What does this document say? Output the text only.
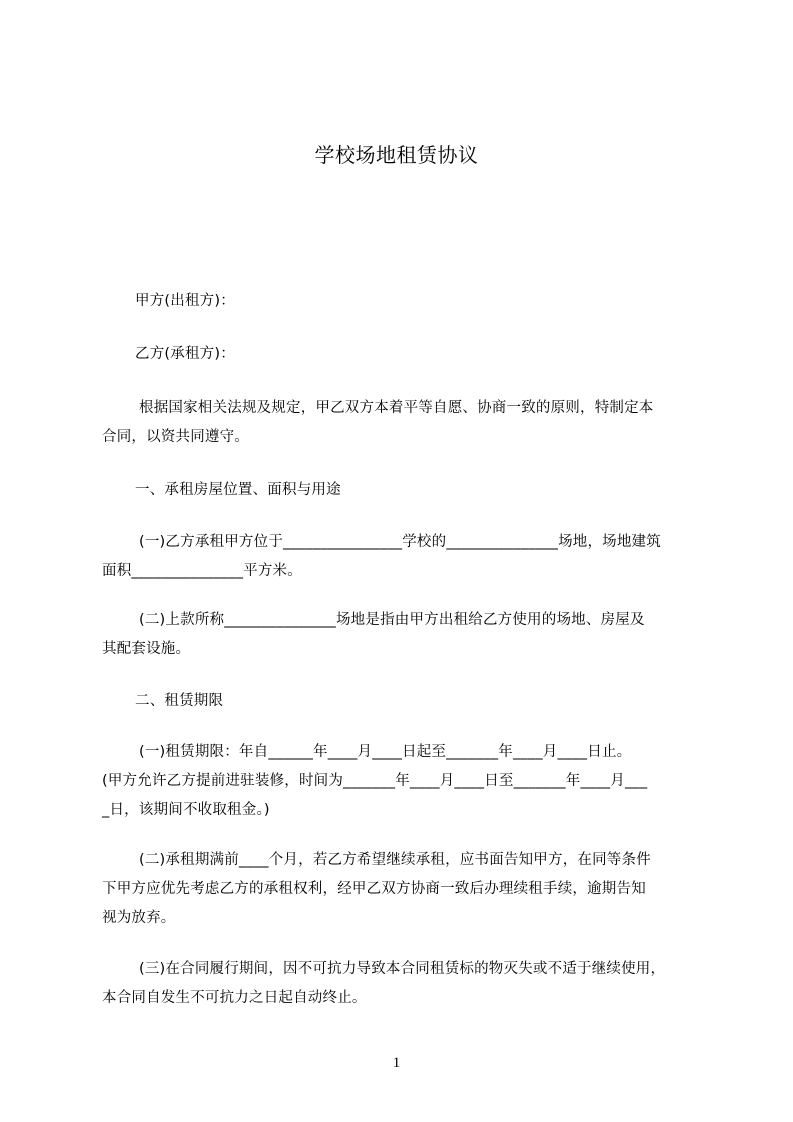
学校场地租赁协议
甲方(出租方)：
乙方(承租方)：
根据国家相关法规及规定，甲乙双方本着平等自愿、协商一致的原则，特制定本
合同，以资共同遵守。
一、承租房屋位置、面积与用途
(一)乙方承租甲方位于________________学校的_______________场地，场地建筑
面积_______________平方米。
(二)上款所称_______________场地是指由甲方出租给乙方使用的场地、房屋及
其配套设施。
二、租赁期限
(一)租赁期限：年自______年____月____日起至_______年____月____日止。
(甲方允许乙方提前进驻装修，时间为_______年____月____日至_______年____月___
_日，该期间不收取租金。)
(二)承租期满前____个月，若乙方希望继续承租，应书面告知甲方，在同等条件
下甲方应优先考虑乙方的承租权利，经甲乙双方协商一致后办理续租手续，逾期告知
视为放弃。
(三)在合同履行期间，因不可抗力导致本合同租赁标的物灭失或不适于继续使用，
本合同自发生不可抗力之日起自动终止。
1
